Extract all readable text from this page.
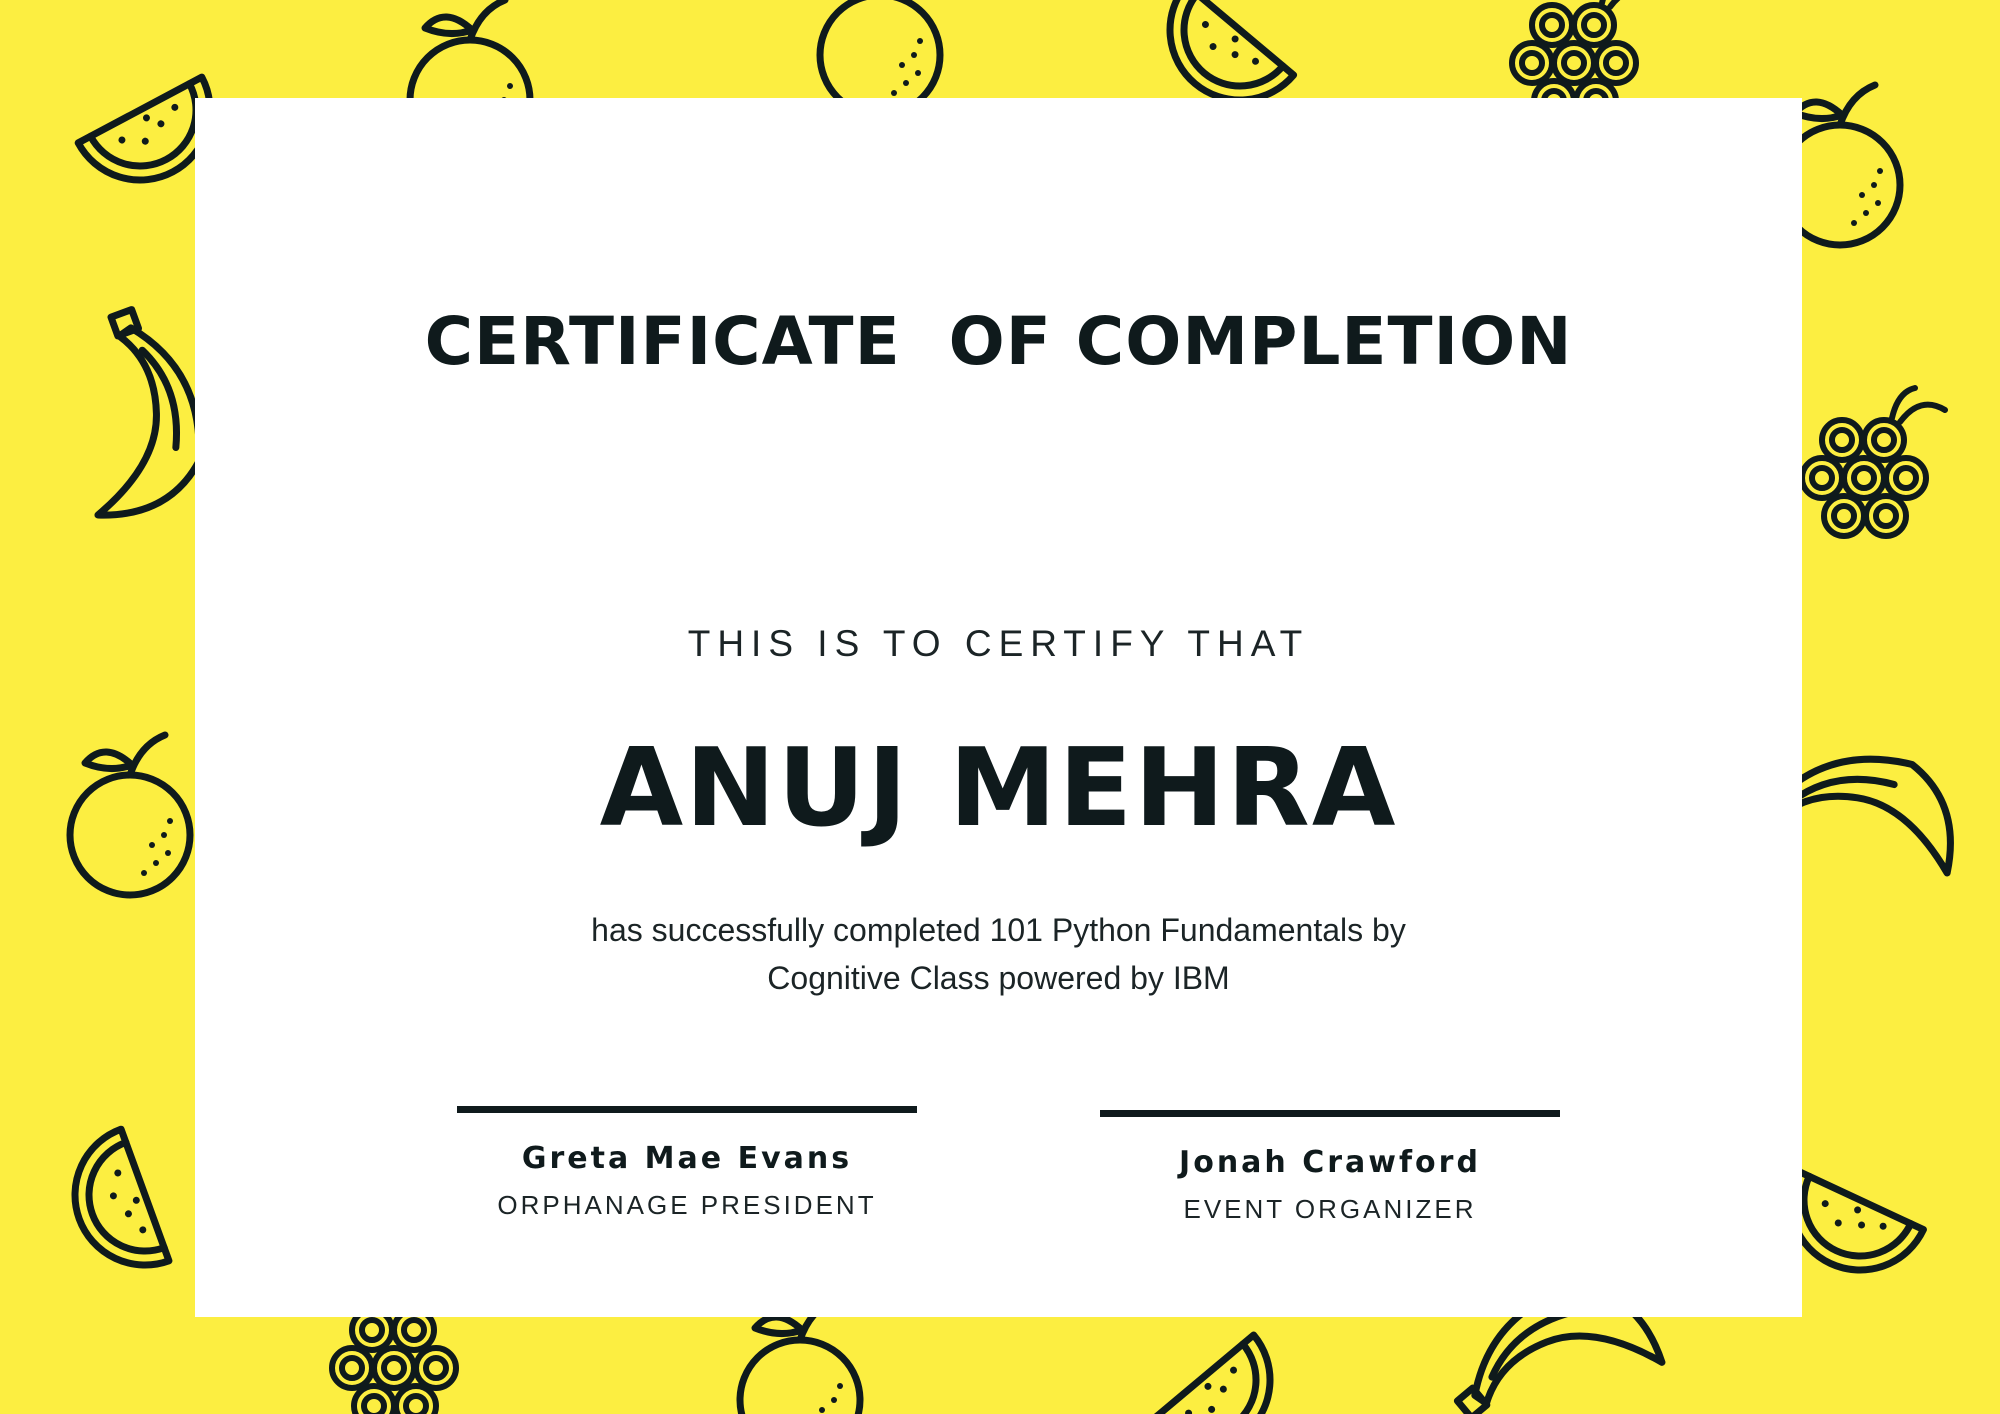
CERTIFICATE  OF COMPLETION
THIS IS TO CERTIFY THAT
ANUJ MEHRA
has successfully completed 101 Python Fundamentals by
Cognitive Class powered by IBM
Greta Mae Evans
ORPHANAGE PRESIDENT
Jonah Crawford
EVENT ORGANIZER
